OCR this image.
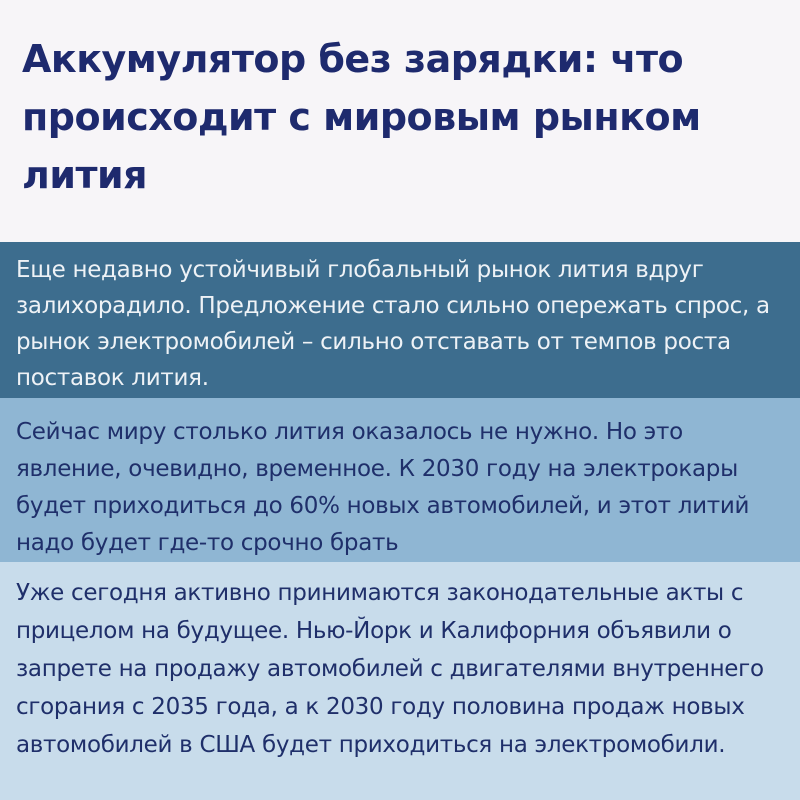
Аккумулятор без зарядки: что происходит с мировым рынком лития

Еще недавно устойчивый глобальный рынок лития вдруг залихорадило. Предложение стало сильно опережать спрос, а рынок электромобилей – сильно отставать от темпов роста поставок лития.

Сейчас миру столько лития оказалось не нужно. Но это явление, очевидно, временное. К 2030 году на электрокары будет приходиться до 60% новых автомобилей, и этот литий надо будет где-то срочно брать

Уже сегодня активно принимаются законодательные акты с прицелом на будущее. Нью-Йорк и Калифорния объявили о запрете на продажу автомобилей с двигателями внутреннего сгорания с 2035 года, а к 2030 году половина продаж новых автомобилей в США будет приходиться на электромобили.
